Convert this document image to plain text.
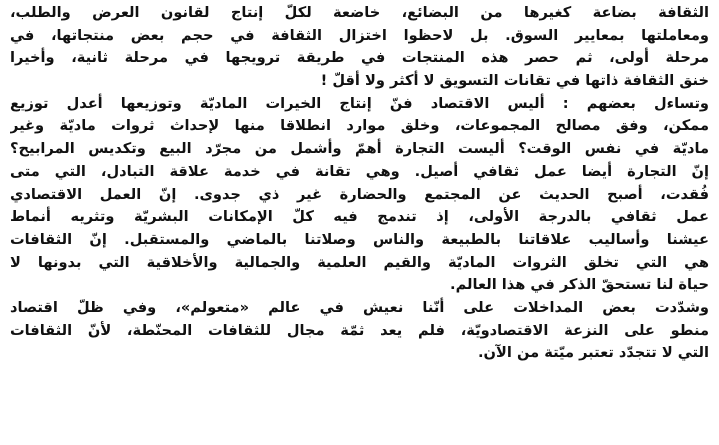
الثقافة بضاعة كغيرها من البضائع، خاضعة لكلّ إنتاج لقانون العرض والطلب،
ومعاملتها بمعايير السوق. بل لاحظوا اختزال الثقافة في حجم بعض منتجاتها، في
مرحلة أولى، ثم حصر هذه المنتجات في طريقة ترويجها في مرحلة ثانية، وأخيرا
خنق الثقافة ذاتها في تقانات التسويق لا أكثر ولا أقلّ !

وتساءل بعضهم : أليس الاقتصاد فنّ إنتاج الخيرات الماديّة وتوزيعها أعدل توزيع
ممكن، وفق مصالح المجموعات، وخلق موارد انطلاقا منها لإحداث ثروات ماديّة وغير
ماديّة في نفس الوقت؟ أليست التجارة أهمّ وأشمل من مجرّد البيع وتكديس المرابيح؟
إنّ التجارة أيضا عمل ثقافي أصيل. وهي تقانة في خدمة علاقة التبادل، التي متى
فُقدت، أصبح الحديث عن المجتمع والحضارة غير ذي جدوى. إنّ العمل الاقتصادي
عمل ثقافي بالدرجة الأولى، إذ تندمج فيه كلّ الإمكانات البشريّة وتثريه أنماط
عيشنا وأساليب علاقاتنا بالطبيعة والناس وصلاتنا بالماضي والمستقبل. إنّ الثقافات
هي التي تخلق الثروات الماديّة والقيم العلمية والجمالية والأخلاقية التي بدونها لا
حياة لنا تستحقّ الذكر في هذا العالم.

وشدّدت بعض المداخلات على أنّنا نعيش في عالم «متعولم»، وفي ظلّ اقتصاد
منطو على النزعة الاقتصادويّة، فلم يعد ثمّة مجال للثقافات المحنّطة، لأنّ الثقافات
التي لا تتجدّد تعتبر ميّتة من الآن.
